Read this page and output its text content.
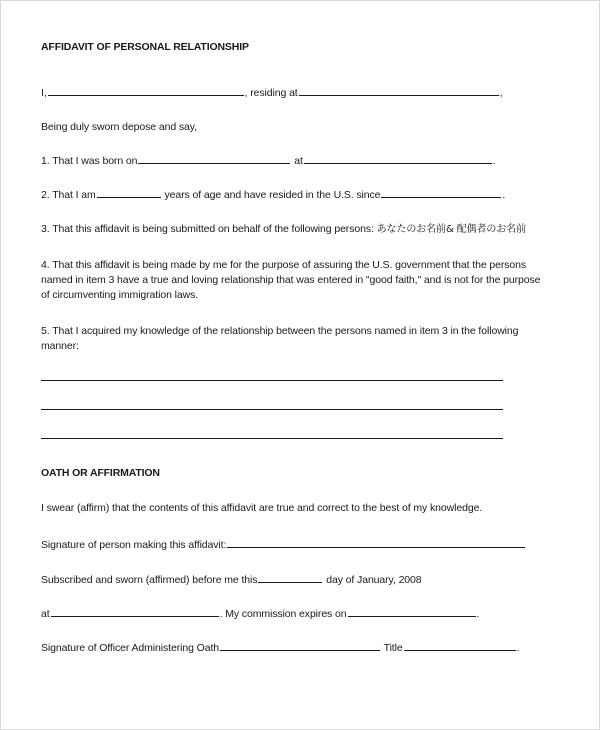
AFFIDAVIT OF PERSONAL RELATIONSHIP

I,	, residing at	,

Being duly sworn depose and say,

1. That I was born on	at	.

2. That I am	years of age and have resided in the U.S. since	.

3. That this affidavit is being submitted on behalf of the following persons: あなたのお名前& 配偶者のお名前

4. That this affidavit is being made by me for the purpose of assuring the U.S. government that the persons named in item 3 have a true and loving relationship that was entered in "good faith," and is not for the purpose of circumventing immigration laws.

5. That I acquired my knowledge of the relationship between the persons named in item 3 in the following manner:

OATH OR AFFIRMATION

I swear (affirm) that the contents of this affidavit are true and correct to the best of my knowledge.

Signature of person making this affidavit:

Subscribed and sworn (affirmed) before me this	day of January, 2008

at	. My commission expires on	.

Signature of Officer Administering Oath	Title	.
